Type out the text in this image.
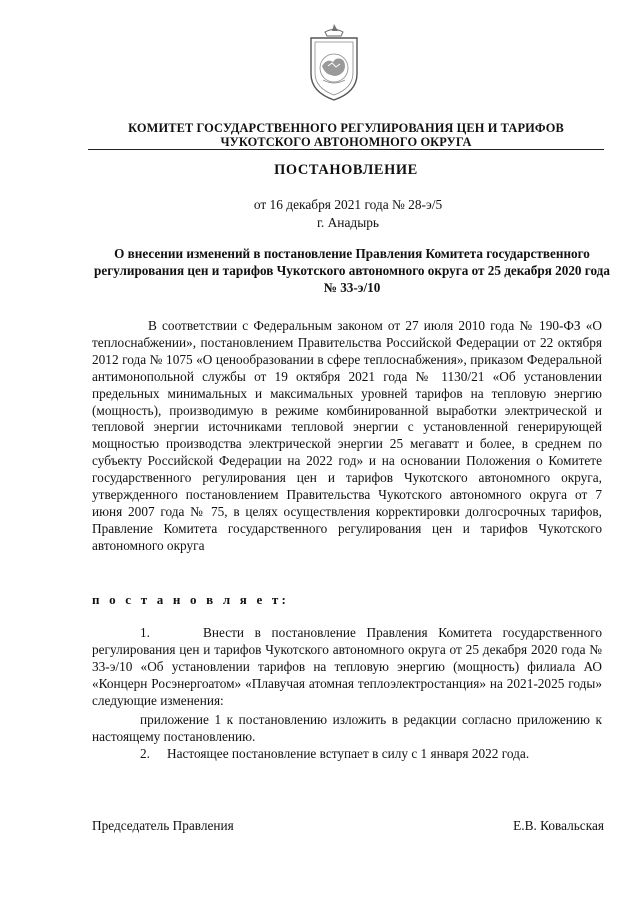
КОМИТЕТ ГОСУДАРСТВЕННОГО РЕГУЛИРОВАНИЯ ЦЕН И ТАРИФОВ ЧУКОТСКОГО АВТОНОМНОГО ОКРУГА
ПОСТАНОВЛЕНИЕ
от 16 декабря 2021 года № 28-э/5
г. Анадырь
О внесении изменений в постановление Правления Комитета государственного регулирования цен и тарифов Чукотского автономного округа от 25 декабря 2020 года № 33-э/10
В соответствии с Федеральным законом от 27 июля 2010 года № 190-ФЗ «О теплоснабжении», постановлением Правительства Российской Федерации от 22 октября 2012 года № 1075 «О ценообразовании в сфере теплоснабжения», приказом Федеральной антимонопольной службы от 19 октября 2021 года № 1130/21 «Об установлении предельных минимальных и максимальных уровней тарифов на тепловую энергию (мощность), производимую в режиме комбинированной выработки электрической и тепловой энергии источниками тепловой энергии с установленной генерирующей мощностью производства электрической энергии 25 мегаватт и более, в среднем по субъекту Российской Федерации на 2022 год» и на основании Положения о Комитете государственного регулирования цен и тарифов Чукотского автономного округа, утвержденного постановлением Правительства Чукотского автономного округа от 7 июня 2007 года № 75, в целях осуществления корректировки долгосрочных тарифов, Правление Комитета государственного регулирования цен и тарифов Чукотского автономного округа
п о с т а н о в л я е т:
1.     Внести в постановление Правления Комитета государственного регулирования цен и тарифов Чукотского автономного округа от 25 декабря 2020 года № 33-э/10 «Об установлении тарифов на тепловую энергию (мощность) филиала АО «Концерн Росэнергоатом» «Плавучая атомная теплоэлектростанция» на 2021-2025 годы» следующие изменения:
приложение 1 к постановлению изложить в редакции согласно приложению к настоящему постановлению.
2. Настоящее постановление вступает в силу с 1 января 2022 года.
Председатель Правления	Е.В. Ковальская
